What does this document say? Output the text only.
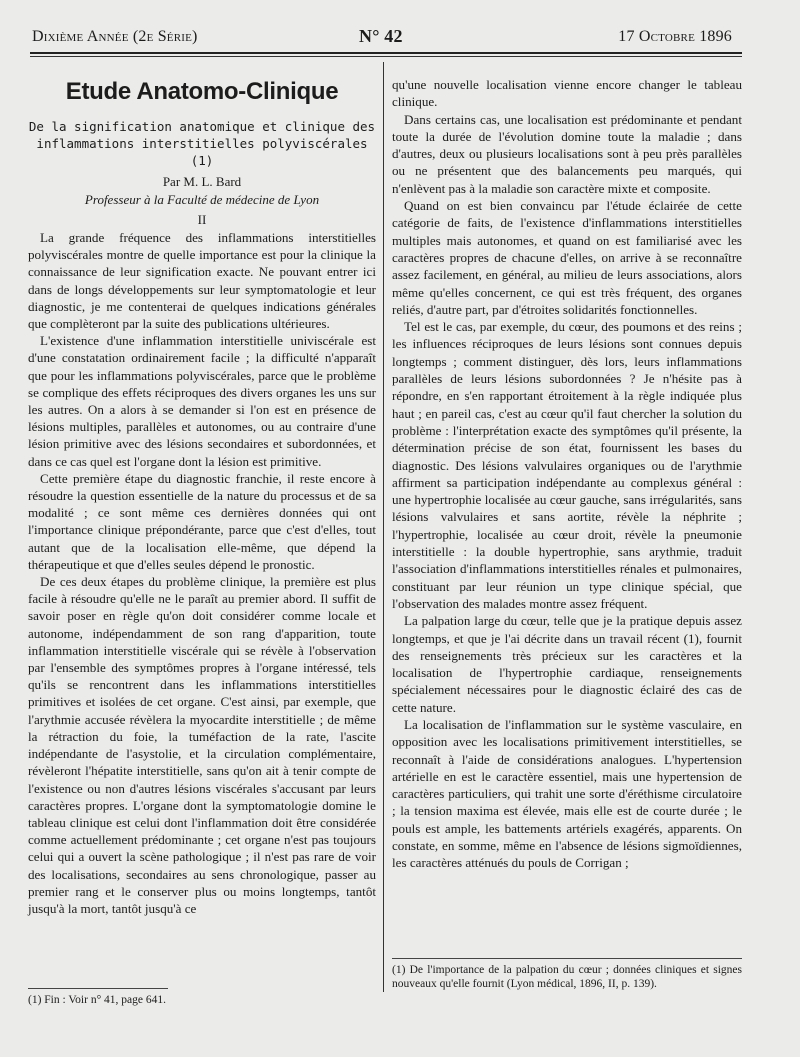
Dixième Année (2e Série)	N° 42	17 Octobre 1896
Etude Anatomo-Clinique

De la signification anatomique et clinique des inflammations interstitielles polyviscérales (1)

Par M. L. Bard

Professeur à la Faculté de médecine de Lyon

II

La grande fréquence des inflammations interstitielles polyviscérales montre de quelle importance est pour la clinique la connaissance de leur signification exacte. Ne pouvant entrer ici dans de longs développements sur leur symptomatologie et leur diagnostic, je me contenterai de quelques indications générales que complèteront par la suite des publications ultérieures.

L'existence d'une inflammation interstitielle univiscérale est d'une constatation ordinairement facile ; la difficulté n'apparaît que pour les inflammations polyviscérales, parce que le problème se complique des effets réciproques des divers organes les uns sur les autres. On a alors à se demander si l'on est en présence de lésions multiples, parallèles et autonomes, ou au contraire d'une lésion primitive avec des lésions secondaires et subordonnées, et dans ce cas quel est l'organe dont la lésion est primitive.

Cette première étape du diagnostic franchie, il reste encore à résoudre la question essentielle de la nature du processus et de sa modalité ; ce sont même ces dernières données qui ont l'importance clinique prépondérante, parce que c'est d'elles, tout autant que de la localisation elle-même, que dépend la thérapeutique et que d'elles seules dépend le pronostic.

De ces deux étapes du problème clinique, la première est plus facile à résoudre qu'elle ne le paraît au premier abord. Il suffit de savoir poser en règle qu'on doit considérer comme locale et autonome, indépendamment de son rang d'apparition, toute inflammation interstitielle viscérale qui se révèle à l'observation par l'ensemble des symptômes propres à l'organe intéressé, tels qu'ils se rencontrent dans les inflammations interstitielles primitives et isolées de cet organe. C'est ainsi, par exemple, que l'arythmie accusée révèlera la myocardite interstitielle ; de même la rétraction du foie, la tuméfaction de la rate, l'ascite indépendante de l'asystolie, et la circulation complémentaire, révèleront l'hépatite interstitielle, sans qu'on ait à tenir compte de l'existence ou non d'autres lésions viscérales s'accusant par leurs caractères propres. L'organe dont la symptomatologie domine le tableau clinique est celui dont l'inflammation doit être considérée comme actuellement prédominante ; cet organe n'est pas toujours celui qui a ouvert la scène pathologique ; il n'est pas rare de voir des localisations, secondaires au sens chronologique, passer au premier rang et le conserver plus ou moins longtemps, tantôt jusqu'à la mort, tantôt jusqu'à ce

qu'une nouvelle localisation vienne encore changer le tableau clinique.

Dans certains cas, une localisation est prédominante et pendant toute la durée de l'évolution domine toute la maladie ; dans d'autres, deux ou plusieurs localisations sont à peu près parallèles ou ne présentent que des balancements peu marqués, qui n'enlèvent pas à la maladie son caractère mixte et composite.

Quand on est bien convaincu par l'étude éclairée de cette catégorie de faits, de l'existence d'inflammations interstitielles multiples mais autonomes, et quand on est familiarisé avec les caractères propres de chacune d'elles, on arrive à se reconnaître assez facilement, en général, au milieu de leurs associations, alors même qu'elles concernent, ce qui est très fréquent, des organes reliés, d'autre part, par d'étroites solidarités fonctionnelles.

Tel est le cas, par exemple, du cœur, des poumons et des reins ; les influences réciproques de leurs lésions sont connues depuis longtemps ; comment distinguer, dès lors, leurs inflammations parallèles de leurs lésions subordonnées ? Je n'hésite pas à répondre, en s'en rapportant étroitement à la règle indiquée plus haut ; en pareil cas, c'est au cœur qu'il faut chercher la solution du problème : l'interprétation exacte des symptômes qu'il présente, la détermination précise de son état, fournissent les bases du diagnostic. Des lésions valvulaires organiques ou de l'arythmie affirment sa participation indépendante au complexus général : une hypertrophie localisée au cœur gauche, sans irrégularités, sans lésions valvulaires et sans aortite, révèle la néphrite ; l'hypertrophie, localisée au cœur droit, révèle la pneumonie interstitielle : la double hypertrophie, sans arythmie, traduit l'association d'inflammations interstitielles rénales et pulmonaires, constituant par leur réunion un type clinique spécial, que l'observation des malades montre assez fréquent.

La palpation large du cœur, telle que je la pratique depuis assez longtemps, et que je l'ai décrite dans un travail récent (1), fournit des renseignements très précieux sur les caractères et la localisation de l'hypertrophie cardiaque, renseignements spécialement nécessaires pour le diagnostic éclairé des cas de cette nature.

La localisation de l'inflammation sur le système vasculaire, en opposition avec les localisations primitivement interstitielles, se reconnaît à l'aide de considérations analogues. L'hypertension artérielle en est le caractère essentiel, mais une hypertension de caractères particuliers, qui trahit une sorte d'éréthisme circulatoire ; la tension maxima est élevée, mais elle est de courte durée ; le pouls est ample, les battements artériels exagérés, apparents. On constate, en somme, même en l'absence de lésions sigmoïdiennes, les caractères atténués du pouls de Corrigan ;

(1) Fin : Voir n° 41, page 641.

(1) De l'importance de la palpation du cœur ; données cliniques et signes nouveaux qu'elle fournit (Lyon médical, 1896, II, p. 139).
